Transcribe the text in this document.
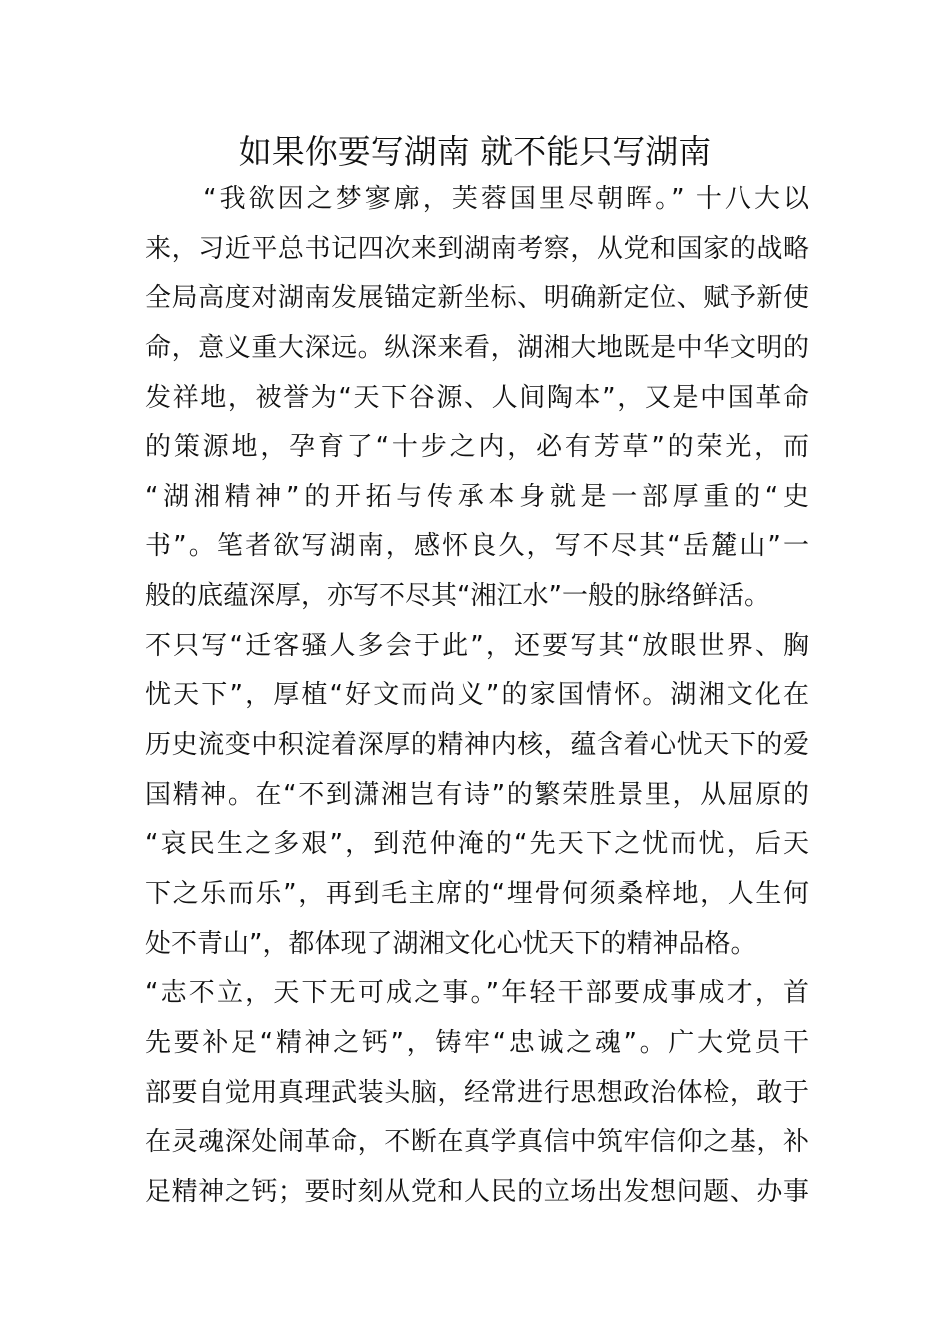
如果你要写湖南 就不能只写湖南
　　“我欲因之梦寥廓，芙蓉国里尽朝晖。” 十八大以
来，习近平总书记四次来到湖南考察，从党和国家的战略
全局高度对湖南发展锚定新坐标、明确新定位、赋予新使
命，意义重大深远。纵深来看，湖湘大地既是中华文明的
发祥地，被誉为“天下谷源、人间陶本”，又是中国革命
的策源地，孕育了“十步之内，必有芳草”的荣光，而
“湖湘精神”的开拓与传承本身就是一部厚重的“史
书”。笔者欲写湖南，感怀良久，写不尽其“岳麓山”一
般的底蕴深厚，亦写不尽其“湘江水”一般的脉络鲜活。
不只写“迁客骚人多会于此”，还要写其“放眼世界、胸
忧天下”，厚植“好文而尚义”的家国情怀。湖湘文化在
历史流变中积淀着深厚的精神内核，蕴含着心忧天下的爱
国精神。在“不到潇湘岂有诗”的繁荣胜景里，从屈原的
“哀民生之多艰”，到范仲淹的“先天下之忧而忧，后天
下之乐而乐”，再到毛主席的“埋骨何须桑梓地，人生何
处不青山”，都体现了湖湘文化心忧天下的精神品格。
“志不立，天下无可成之事。”年轻干部要成事成才，首
先要补足“精神之钙”，铸牢“忠诚之魂”。广大党员干
部要自觉用真理武装头脑，经常进行思想政治体检，敢于
在灵魂深处闹革命，不断在真学真信中筑牢信仰之基，补
足精神之钙；要时刻从党和人民的立场出发想问题、办事
